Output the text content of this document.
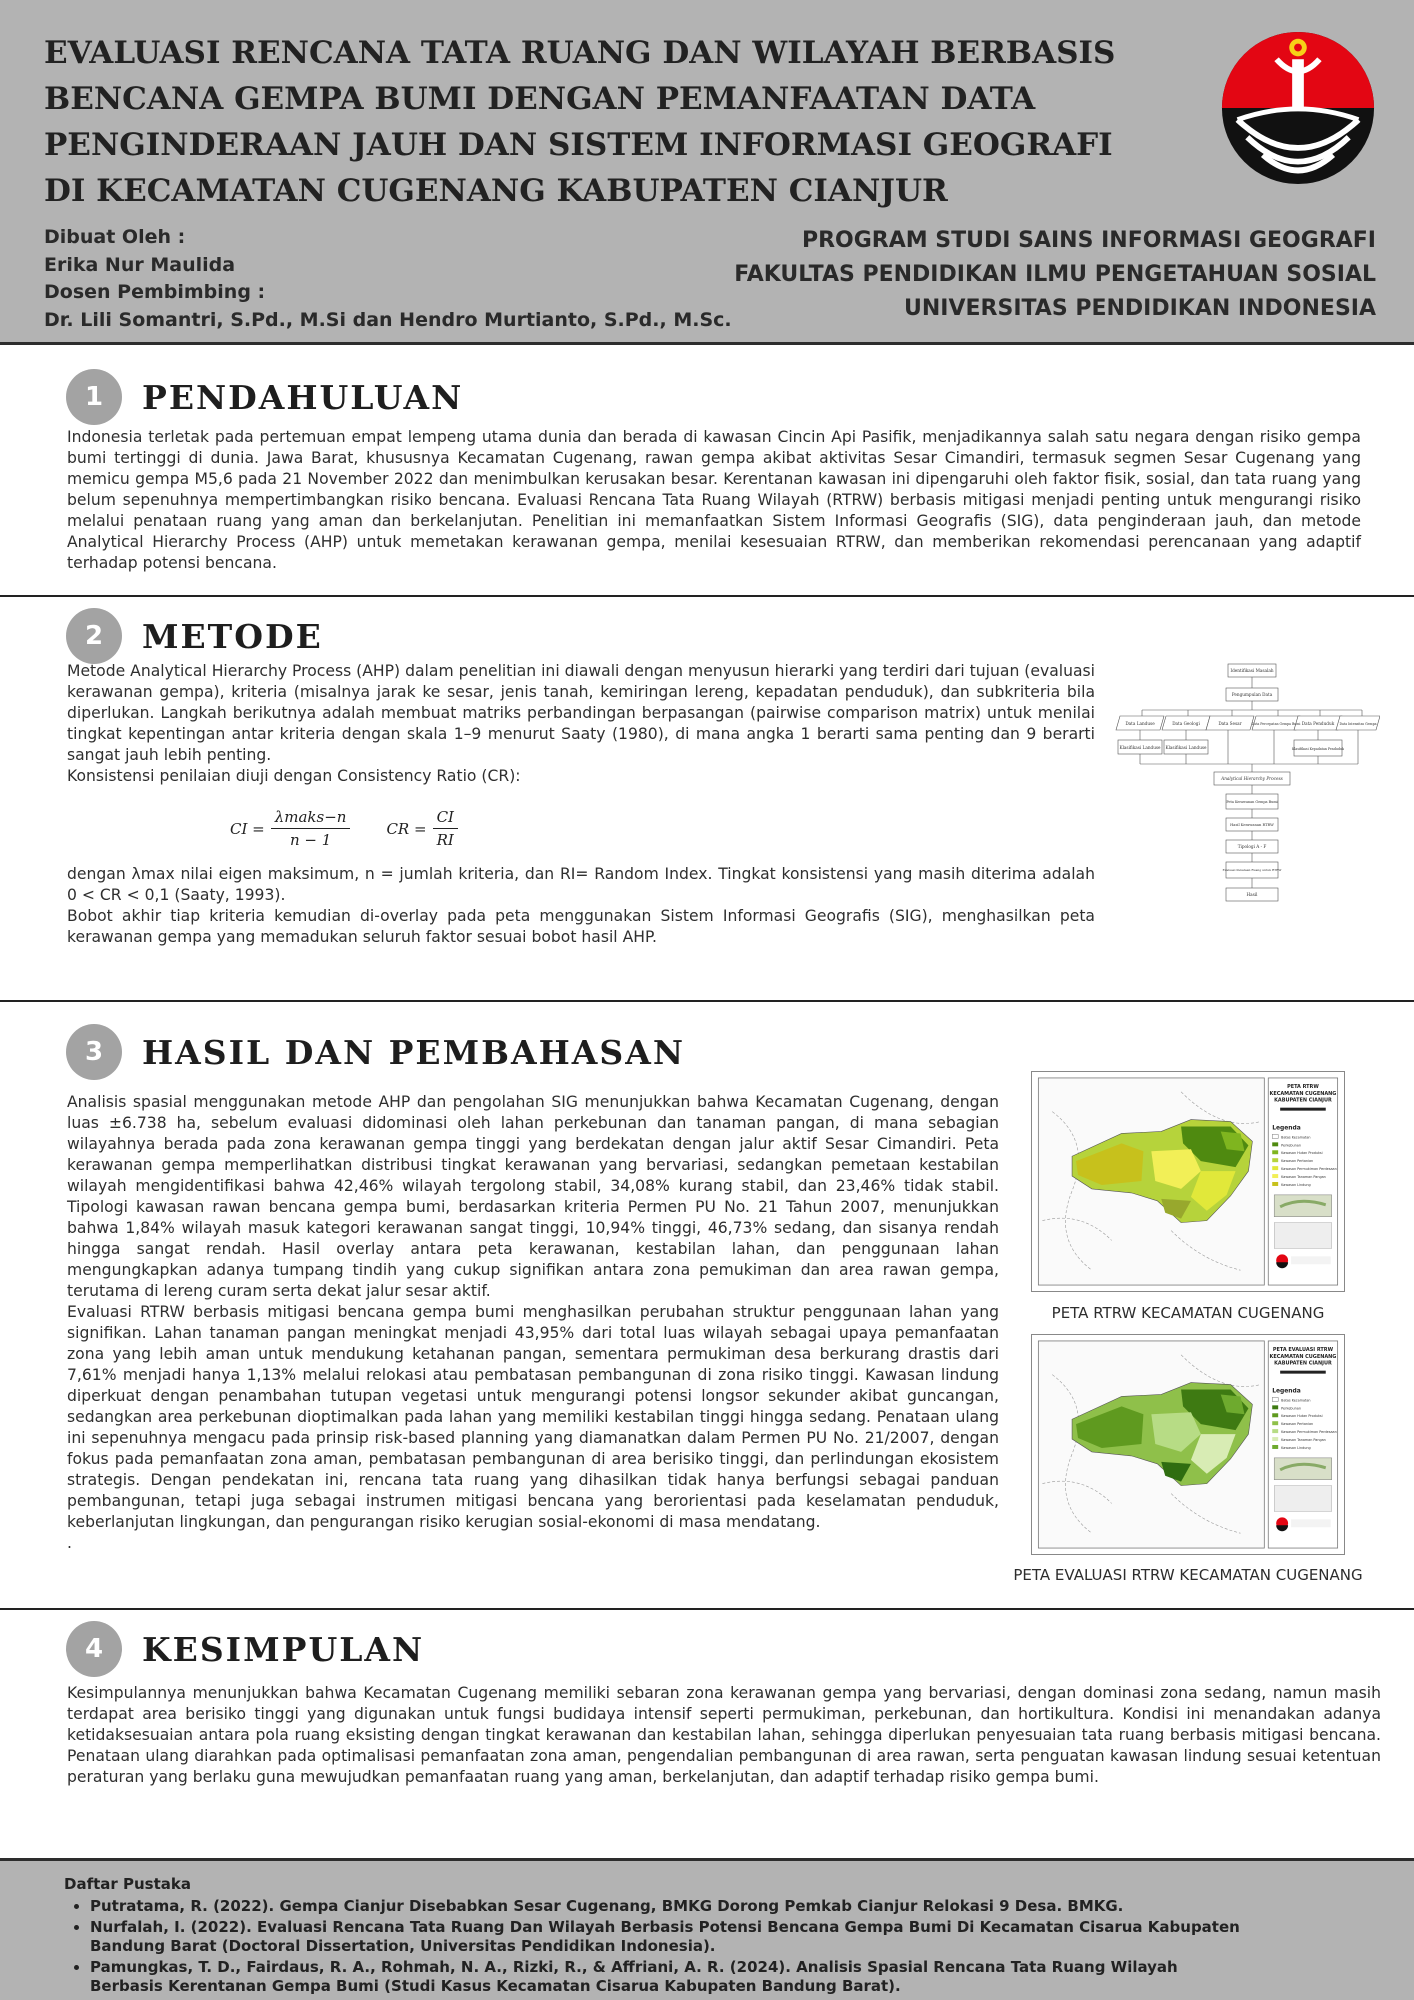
EVALUASI RENCANA TATA RUANG DAN WILAYAH BERBASIS
BENCANA GEMPA BUMI DENGAN PEMANFAATAN DATA
PENGINDERAAN JAUH DAN SISTEM INFORMASI GEOGRAFI
DI KECAMATAN CUGENANG KABUPATEN CIANJUR
Dibuat Oleh :
Erika Nur Maulida
Dosen Pembimbing :
Dr. Lili Somantri, S.Pd., M.Si dan Hendro Murtianto, S.Pd., M.Sc.
PROGRAM STUDI SAINS INFORMASI GEOGRAFI
FAKULTAS PENDIDIKAN ILMU PENGETAHUAN SOSIAL
UNIVERSITAS PENDIDIKAN INDONESIA
1	PENDAHULUAN

Indonesia terletak pada pertemuan empat lempeng utama dunia dan berada di kawasan Cincin Api Pasifik, menjadikannya salah satu negara dengan risiko gempa bumi tertinggi di dunia. Jawa Barat, khususnya Kecamatan Cugenang, rawan gempa akibat aktivitas Sesar Cimandiri, termasuk segmen Sesar Cugenang yang memicu gempa M5,6 pada 21 November 2022 dan menimbulkan kerusakan besar. Kerentanan kawasan ini dipengaruhi oleh faktor fisik, sosial, dan tata ruang yang belum sepenuhnya mempertimbangkan risiko bencana. Evaluasi Rencana Tata Ruang Wilayah (RTRW) berbasis mitigasi menjadi penting untuk mengurangi risiko melalui penataan ruang yang aman dan berkelanjutan. Penelitian ini memanfaatkan Sistem Informasi Geografis (SIG), data penginderaan jauh, dan metode Analytical Hierarchy Process (AHP) untuk memetakan kerawanan gempa, menilai kesesuaian RTRW, dan memberikan rekomendasi perencanaan yang adaptif terhadap potensi bencana.

2	METODE

Metode Analytical Hierarchy Process (AHP) dalam penelitian ini diawali dengan menyusun hierarki yang terdiri dari tujuan (evaluasi kerawanan gempa), kriteria (misalnya jarak ke sesar, jenis tanah, kemiringan lereng, kepadatan penduduk), dan subkriteria bila diperlukan. Langkah berikutnya adalah membuat matriks perbandingan berpasangan (pairwise comparison matrix) untuk menilai tingkat kepentingan antar kriteria dengan skala 1–9 menurut Saaty (1980), di mana angka 1 berarti sama penting dan 9 berarti sangat jauh lebih penting.

Konsistensi penilaian diuji dengan Consistency Ratio (CR):

CI = $\frac{\text{λmaks−n}}{n - 1}$ CR = $\frac{CI}{RI}$

dengan λmax nilai eigen maksimum, n = jumlah kriteria, dan RI= Random Index. Tingkat konsistensi yang masih diterima adalah 0 < CR < 0,1 (Saaty, 1993).

Bobot akhir tiap kriteria kemudian di-overlay pada peta menggunakan Sistem Informasi Geografis (SIG), menghasilkan peta kerawanan gempa yang memadukan seluruh faktor sesuai bobot hasil AHP.

Identifikasi Masalah
Pengumpulan Data
Data Landuse	Data Geologi	Data Sesar	Data Percepatan Gempa Bumi Data Penduduk Data Intensitas Gempa
Klasifikasi Landuse Klasifikasi Landuse	Klasifikasi Kepadatan Penduduk
Analytical Hierarchy Process
Peta Kerawanan Gempa Bumi
Hasil Kerawanan RTRW
Tipologi A - F
Evaluasi Penataan Ruang untuk RTRW
Hasil
3	HASIL DAN PEMBAHASAN

Analisis spasial menggunakan metode AHP dan pengolahan SIG menunjukkan bahwa Kecamatan Cugenang, dengan luas ±6.738 ha, sebelum evaluasi didominasi oleh lahan perkebunan dan tanaman pangan, di mana sebagian wilayahnya berada pada zona kerawanan gempa tinggi yang berdekatan dengan jalur aktif Sesar Cimandiri. Peta kerawanan gempa memperlihatkan distribusi tingkat kerawanan yang bervariasi, sedangkan pemetaan kestabilan wilayah mengidentifikasi bahwa 42,46% wilayah tergolong stabil, 34,08% kurang stabil, dan 23,46% tidak stabil. Tipologi kawasan rawan bencana gempa bumi, berdasarkan kriteria Permen PU No. 21 Tahun 2007, menunjukkan bahwa 1,84% wilayah masuk kategori kerawanan sangat tinggi, 10,94% tinggi, 46,73% sedang, dan sisanya rendah hingga sangat rendah. Hasil overlay antara peta kerawanan, kestabilan lahan, dan penggunaan lahan mengungkapkan adanya tumpang tindih yang cukup signifikan antara zona pemukiman dan area rawan gempa, terutama di lereng curam serta dekat jalur sesar aktif.

Evaluasi RTRW berbasis mitigasi bencana gempa bumi menghasilkan perubahan struktur penggunaan lahan yang signifikan. Lahan tanaman pangan meningkat menjadi 43,95% dari total luas wilayah sebagai upaya pemanfaatan zona yang lebih aman untuk mendukung ketahanan pangan, sementara permukiman desa berkurang drastis dari 7,61% menjadi hanya 1,13% melalui relokasi atau pembatasan pembangunan di zona risiko tinggi. Kawasan lindung diperkuat dengan penambahan tutupan vegetasi untuk mengurangi potensi longsor sekunder akibat guncangan, sedangkan area perkebunan dioptimalkan pada lahan yang memiliki kestabilan tinggi hingga sedang. Penataan ulang ini sepenuhnya mengacu pada prinsip risk-based planning yang diamanatkan dalam Permen PU No. 21/2007, dengan fokus pada pemanfaatan zona aman, pembatasan pembangunan di area berisiko tinggi, dan perlindungan ekosistem strategis. Dengan pendekatan ini, rencana tata ruang yang dihasilkan tidak hanya berfungsi sebagai panduan pembangunan, tetapi juga sebagai instrumen mitigasi bencana yang berorientasi pada keselamatan penduduk, keberlanjutan lingkungan, dan pengurangan risiko kerugian sosial-ekonomi di masa mendatang.

.

PETA RTRW
KECAMATAN CUGENANG
KABUPATEN CIANJUR
Legenda
Batas Kecamatan
Perkebunan
Kawasan Hutan Produksi
Kawasan Pertanian
Kawasan Permukiman Perdesaan
Kawasan Tanaman Pangan
Kawasan Lindung
PETA RTRW KECAMATAN CUGENANG
PETA EVALUASI RTRW
KECAMATAN CUGENANG
KABUPATEN CIANJUR
Legenda
Batas Kecamatan
Perkebunan
Kawasan Hutan Produksi
Kawasan Pertanian
Kawasan Permukiman Perdesaan
Kawasan Tanaman Pangan
Kawasan Lindung
PETA EVALUASI RTRW KECAMATAN CUGENANG
4	KESIMPULAN

Kesimpulannya menunjukkan bahwa Kecamatan Cugenang memiliki sebaran zona kerawanan gempa yang bervariasi, dengan dominasi zona sedang, namun masih terdapat area berisiko tinggi yang digunakan untuk fungsi budidaya intensif seperti permukiman, perkebunan, dan hortikultura. Kondisi ini menandakan adanya ketidaksesuaian antara pola ruang eksisting dengan tingkat kerawanan dan kestabilan lahan, sehingga diperlukan penyesuaian tata ruang berbasis mitigasi bencana. Penataan ulang diarahkan pada optimalisasi pemanfaatan zona aman, pengendalian pembangunan di area rawan, serta penguatan kawasan lindung sesuai ketentuan peraturan yang berlaku guna mewujudkan pemanfaatan ruang yang aman, berkelanjutan, dan adaptif terhadap risiko gempa bumi.

Daftar Pustaka
• Putratama, R. (2022). Gempa Cianjur Disebabkan Sesar Cugenang, BMKG Dorong Pemkab Cianjur Relokasi 9 Desa. BMKG.
• Nurfalah, I. (2022). Evaluasi Rencana Tata Ruang Dan Wilayah Berbasis Potensi Bencana Gempa Bumi Di Kecamatan Cisarua Kabupaten Bandung Barat (Doctoral Dissertation, Universitas Pendidikan Indonesia).
• Pamungkas, T. D., Fairdaus, R. A., Rohmah, N. A., Rizki, R., & Affriani, A. R. (2024). Analisis Spasial Rencana Tata Ruang Wilayah Berbasis Kerentanan Gempa Bumi (Studi Kasus Kecamatan Cisarua Kabupaten Bandung Barat).
